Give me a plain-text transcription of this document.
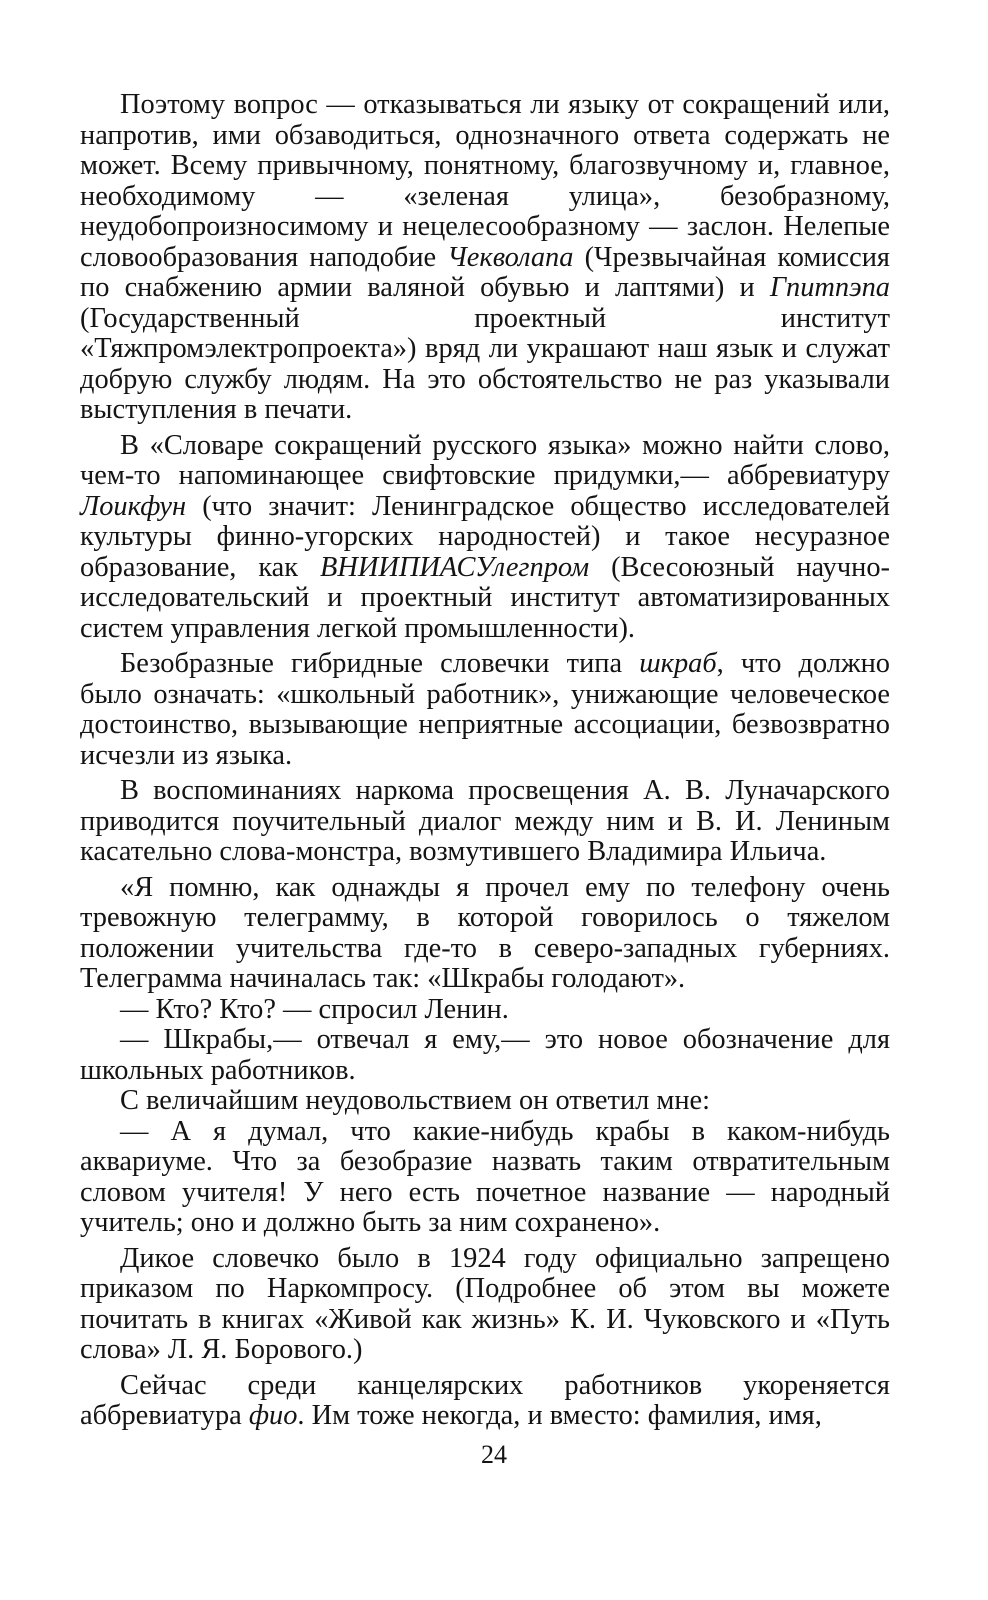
Поэтому вопрос — отказываться ли языку от сокращений или, напротив, ими обзаводиться, однозначного ответа содержать не может. Всему привычному, понятному, благозвучному и, главное, необходимому — «зеленая улица», безобразному, неудобопроизносимому и нецелесообразному — заслон. Нелепые словообразования наподобие Чекволапа (Чрезвычайная комиссия по снабжению армии валяной обувью и лаптями) и Гпитпэпа (Государственный проектный институт «Тяжпромэлектропроекта») вряд ли украшают наш язык и служат добрую службу людям. На это обстоятельство не раз указывали выступления в печати.

В «Словаре сокращений русского языка» можно найти слово, чем-то напоминающее свифтовские придумки,— аббревиатуру Лоикфун (что значит: Ленинградское общество исследователей культуры финно-угорских народностей) и такое несуразное образование, как ВНИИПИАСУлегпром (Всесоюзный научно-исследовательский и проектный институт автоматизированных систем управления легкой промышленности).

Безобразные гибридные словечки типа шкраб, что должно было означать: «школьный работник», унижающие человеческое достоинство, вызывающие неприятные ассоциации, безвозвратно исчезли из языка.

В воспоминаниях наркома просвещения А. В. Луначарского приводится поучительный диалог между ним и В. И. Лениным касательно слова-монстра, возмутившего Владимира Ильича.

«Я помню, как однажды я прочел ему по телефону очень тревожную телеграмму, в которой говорилось о тяжелом положении учительства где-то в северо-западных губерниях. Телеграмма начиналась так: «Шкрабы голодают».

— Кто? Кто? — спросил Ленин.

— Шкрабы,— отвечал я ему,— это новое обозначение для школьных работников.

С величайшим неудовольствием он ответил мне:

— А я думал, что какие-нибудь крабы в каком-нибудь аквариуме. Что за безобразие назвать таким отвратительным словом учителя! У него есть почетное название — народный учитель; оно и должно быть за ним сохранено».

Дикое словечко было в 1924 году официально запрещено приказом по Наркомпросу. (Подробнее об этом вы можете почитать в книгах «Живой как жизнь» К. И. Чуковского и «Путь слова» Л. Я. Борового.)

Сейчас среди канцелярских работников укореняется аббревиатура фио. Им тоже некогда, и вместо: фамилия, имя,

24
